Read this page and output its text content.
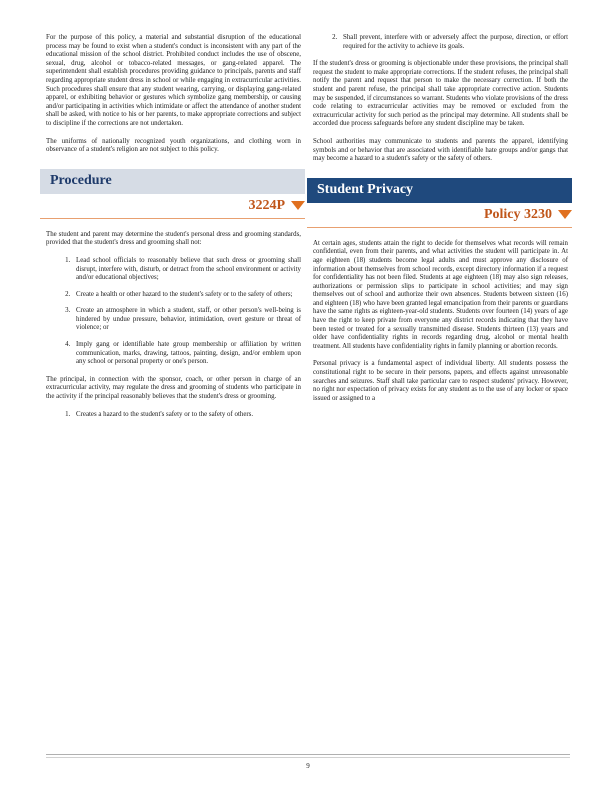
For the purpose of this policy, a material and substantial disruption of the educational process may be found to exist when a student's conduct is inconsistent with any part of the educational mission of the school district. Prohibited conduct includes the use of obscene, sexual, drug, alcohol or tobacco-related messages, or gang-related apparel. The superintendent shall establish procedures providing guidance to principals, parents and staff regarding appropriate student dress in school or while engaging in extracurricular activities. Such procedures shall ensure that any student wearing, carrying, or displaying gang-related apparel, or exhibiting behavior or gestures which symbolize gang membership, or causing and/or participating in activities which intimidate or affect the attendance of another student shall be asked, with notice to his or her parents, to make appropriate corrections and subject to discipline if the corrections are not undertaken.

The uniforms of nationally recognized youth organizations, and clothing worn in observance of a student's religion are not subject to this policy.

Procedure
3224P

The student and parent may determine the student's personal dress and grooming standards, provided that the student's dress and grooming shall not:

1. Lead school officials to reasonably believe that such dress or grooming shall disrupt, interfere with, disturb, or detract from the school environment or activity and/or educational objectives;
2. Create a health or other hazard to the student's safety or to the safety of others;
3. Create an atmosphere in which a student, staff, or other person's well-being is hindered by undue pressure, behavior, intimidation, overt gesture or threat of violence; or
4. Imply gang or identifiable hate group membership or affiliation by written communication, marks, drawing, tattoos, painting, design, and/or emblem upon any school or personal property or one's person.

The principal, in connection with the sponsor, coach, or other person in charge of an extracurricular activity, may regulate the dress and grooming of students who participate in the activity if the principal reasonably believes that the student's dress or grooming.

1. Creates a hazard to the student's safety or to the safety of others.
2. Shall prevent, interfere with or adversely affect the purpose, direction, or effort required for the activity to achieve its goals.

If the student's dress or grooming is objectionable under these provisions, the principal shall request the student to make appropriate corrections. If the student refuses, the principal shall notify the parent and request that person to make the necessary correction. If both the student and parent refuse, the principal shall take appropriate corrective action. Students may be suspended, if circumstances so warrant. Students who violate provisions of the dress code relating to extracurricular activities may be removed or excluded from the extracurricular activity for such period as the principal may determine. All students shall be accorded due process safeguards before any student discipline may be taken.

School authorities may communicate to students and parents the apparel, identifying symbols and or behavior that are associated with identifiable hate groups and/or gangs that may become a hazard to a student's safety or the safety of others.

Student Privacy
Policy 3230

At certain ages, students attain the right to decide for themselves what records will remain confidential, even from their parents, and what activities the student will participate in. At age eighteen (18) students become legal adults and must approve any disclosure of information about themselves from school records, except directory information if a request for confidentiality has not been filed. Students at age eighteen (18) may also sign releases, authorizations or permission slips to participate in school activities; and may sign themselves out of school and authorize their own absences. Students between sixteen (16) and eighteen (18) who have been granted legal emancipation from their parents or guardians have the same rights as eighteen-year-old students. Students over fourteen (14) years of age have the right to keep private from everyone any district records indicating that they have been tested or treated for a sexually transmitted disease. Students thirteen (13) years and older have confidentiality rights in records regarding drug, alcohol or mental health treatment. All students have confidentiality rights in family planning or abortion records.

Personal privacy is a fundamental aspect of individual liberty. All students possess the constitutional right to be secure in their persons, papers, and effects against unreasonable searches and seizures. Staff shall take particular care to respect students' privacy. However, no right nor expectation of privacy exists for any student as to the use of any locker or space issued or assigned to a

9
